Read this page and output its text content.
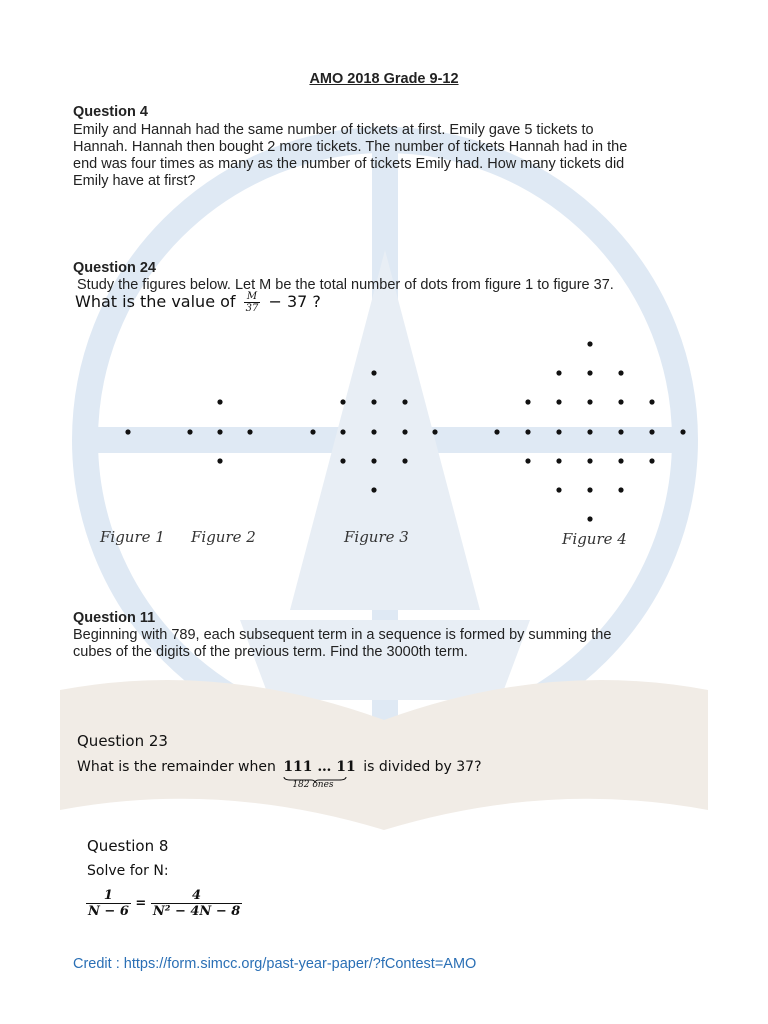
AMO 2018 Grade 9-12
Question 4
Emily and Hannah had the same number of tickets at first. Emily gave 5 tickets to
Hannah. Hannah then bought 2 more tickets. The number of tickets Hannah had in the
end was four times as many as the number of tickets Emily had. How many tickets did
Emily have at first?
Question 24
Study the figures below. Let M be the total number of dots from figure 1 to figure 37.
What is the value of $\frac{M}{37} - 37$ ?
Figure 1 Figure 2	Figure 3	Figure 4
Question 11
Beginning with 789, each subsequent term in a sequence is formed by summing the
cubes of the digits of the previous term. Find the 3000th term.
Question 23
What is the remainder when 111 … 11
182 ones
is divided by 37?
Question 8
Solve for N:
$\frac{1}{N - 6} = \frac{4}{\text{N² − 4N − 8}}$
Credit : https://form.simcc.org/past-year-paper/?fContest=AMO
